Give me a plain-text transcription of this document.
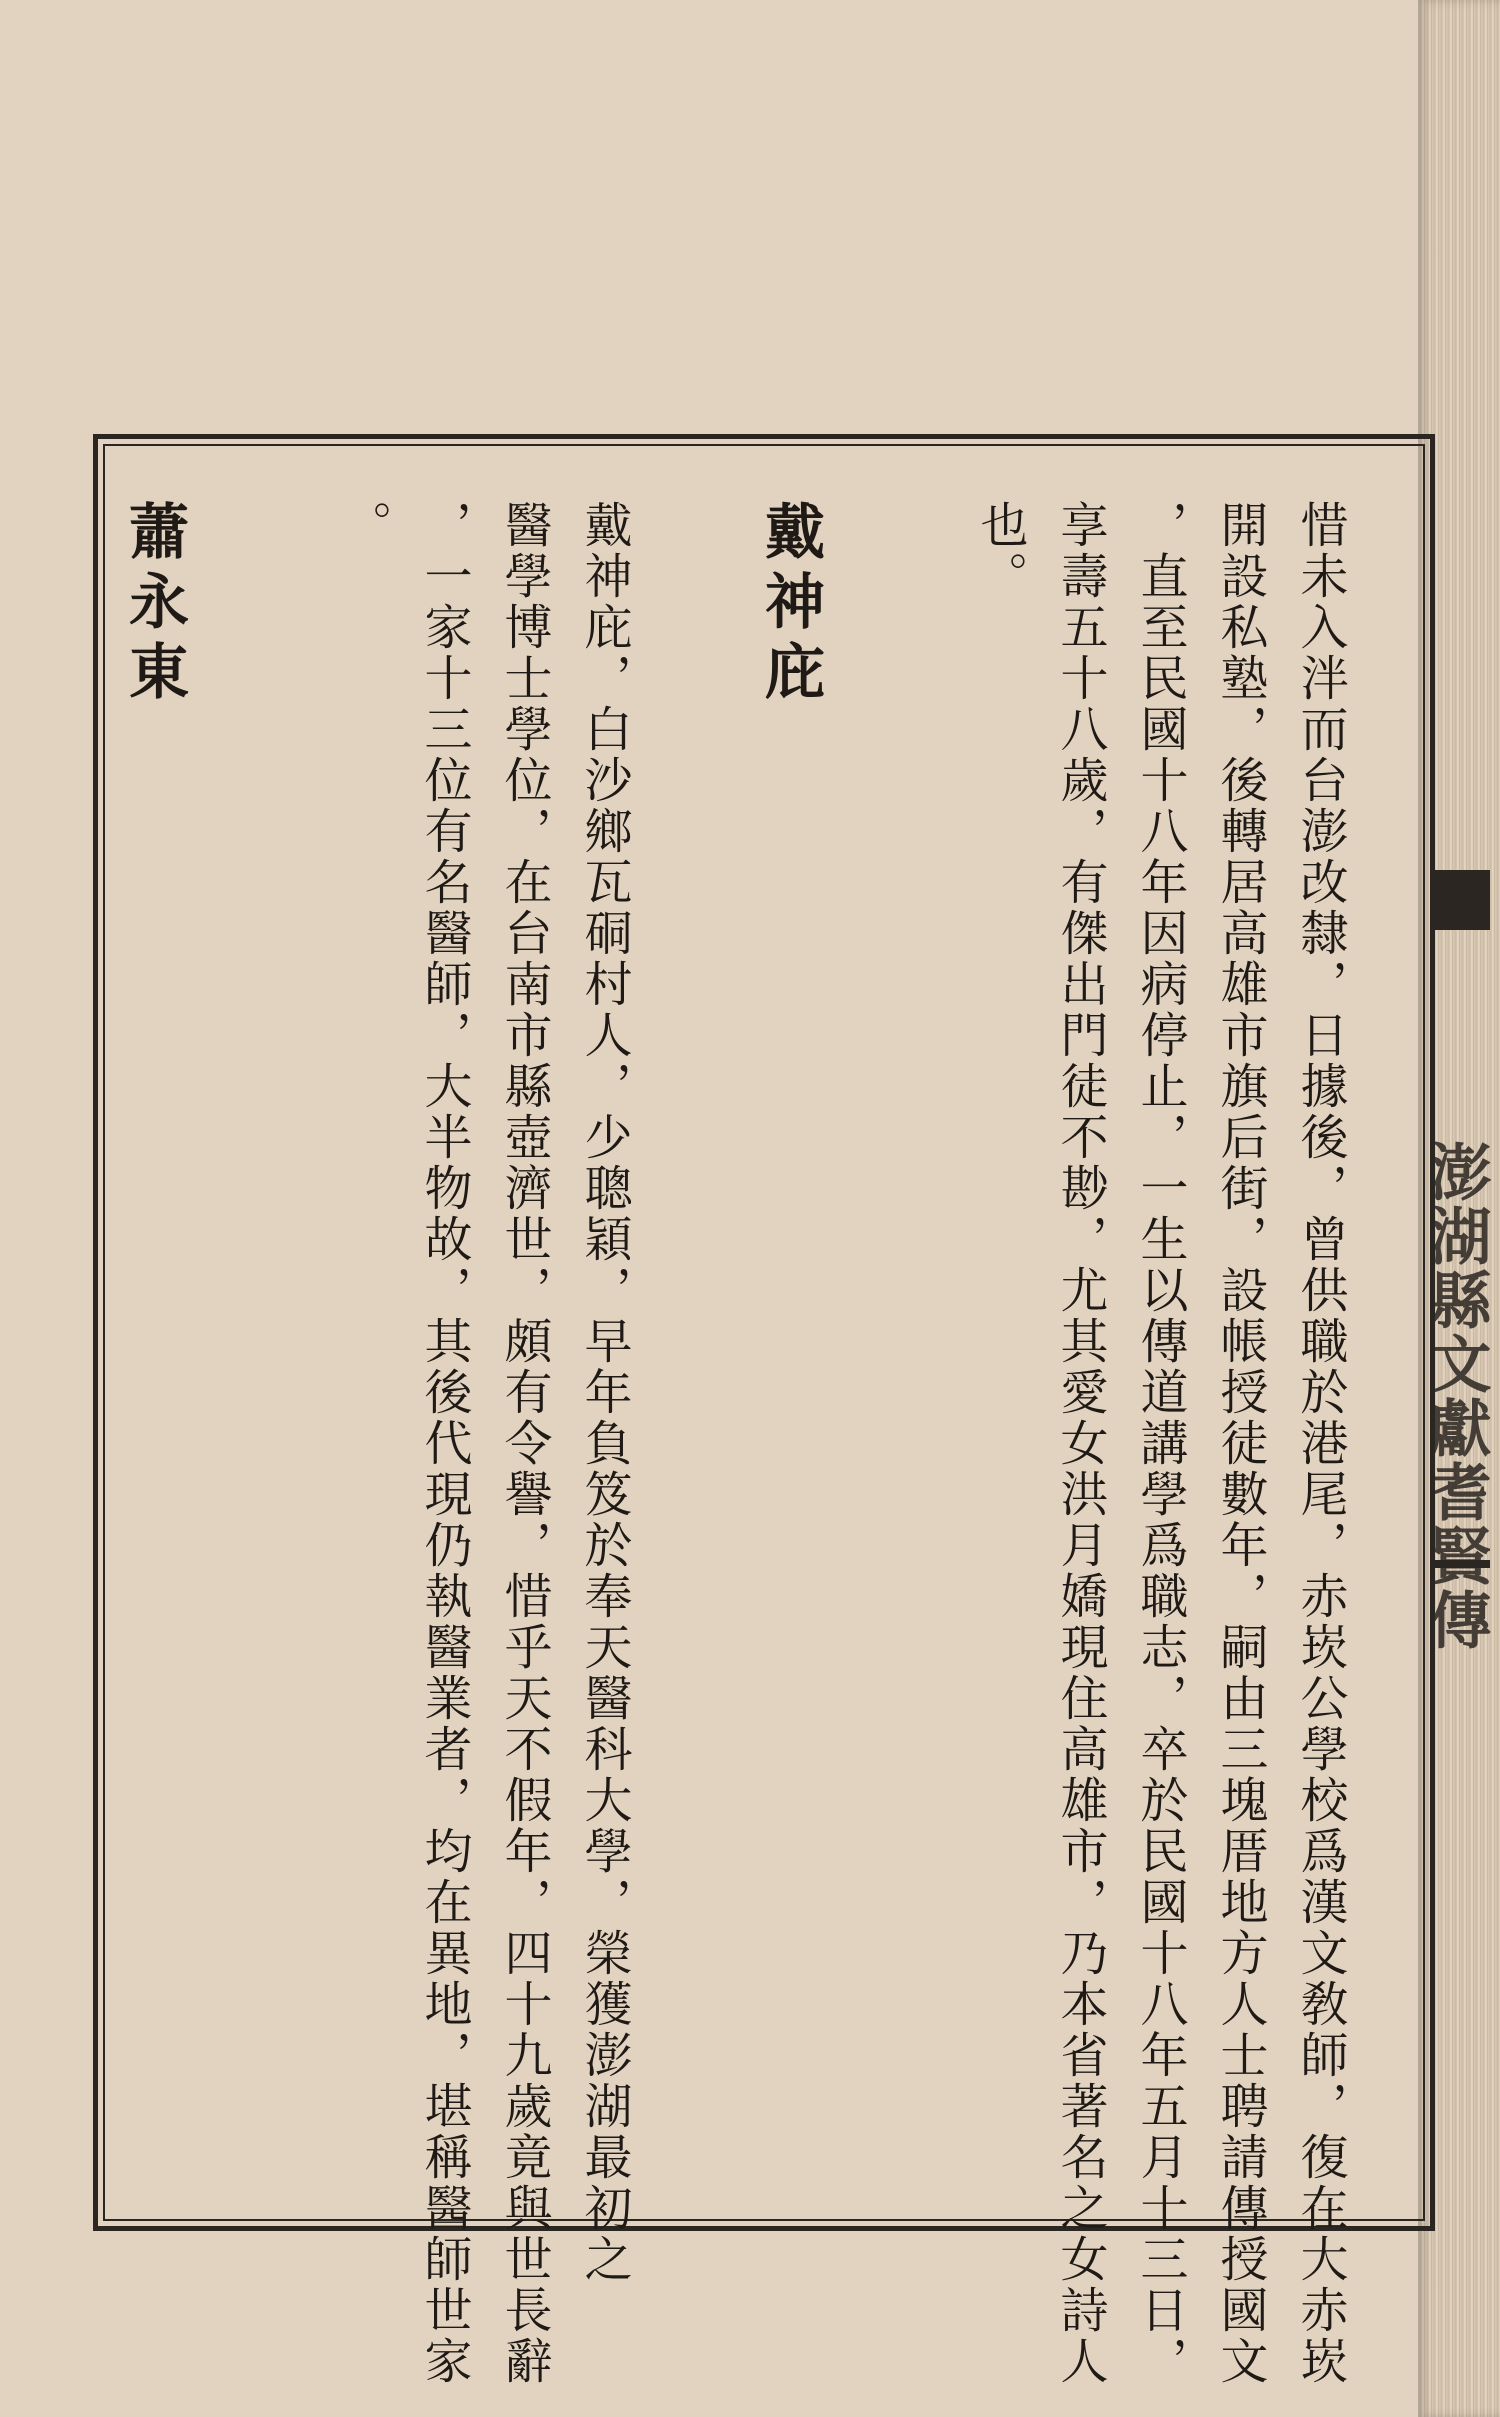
澎湖縣文獻耆賢傳
惜未入泮而台澎改隸，日據後，曾供職於港尾，赤崁公學校爲漢文敎師，復在大赤崁
開設私塾，後轉居高雄市旗后街，設帳授徒數年，嗣由三塊厝地方人士聘請傳授國文
，直至民國十八年因病停止，一生以傳道講學爲職志，卒於民國十八年五月十三日，
享壽五十八歲，有傑出門徒不尠，尤其愛女洪月嬌現住高雄市，乃本省著名之女詩人
也。
戴神庇
戴神庇，白沙鄉瓦硐村人，少聰穎，早年負笈於奉天醫科大學，榮獲澎湖最初之
醫學博士學位，在台南市縣壺濟世，頗有令譽，惜乎天不假年，四十九歲竟與世長辭
，一家十三位有名醫師，大半物故，其後代現仍執醫業者，均在異地，堪稱醫師世家
。
蕭永東
